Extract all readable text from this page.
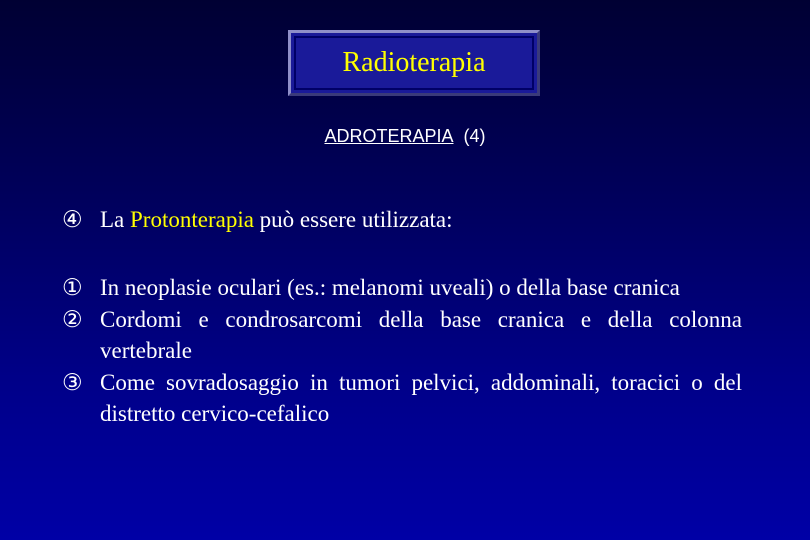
Radioterapia
ADROTERAPIA (4)
④ La Protonterapia può essere utilizzata:
① In neoplasie oculari (es.: melanomi uveali) o della base cranica
② Cordomi e condrosarcomi della base cranica e della colonna vertebrale
③ Come sovradosaggio in tumori pelvici, addominali, toracici o del distretto cervico-cefalico
